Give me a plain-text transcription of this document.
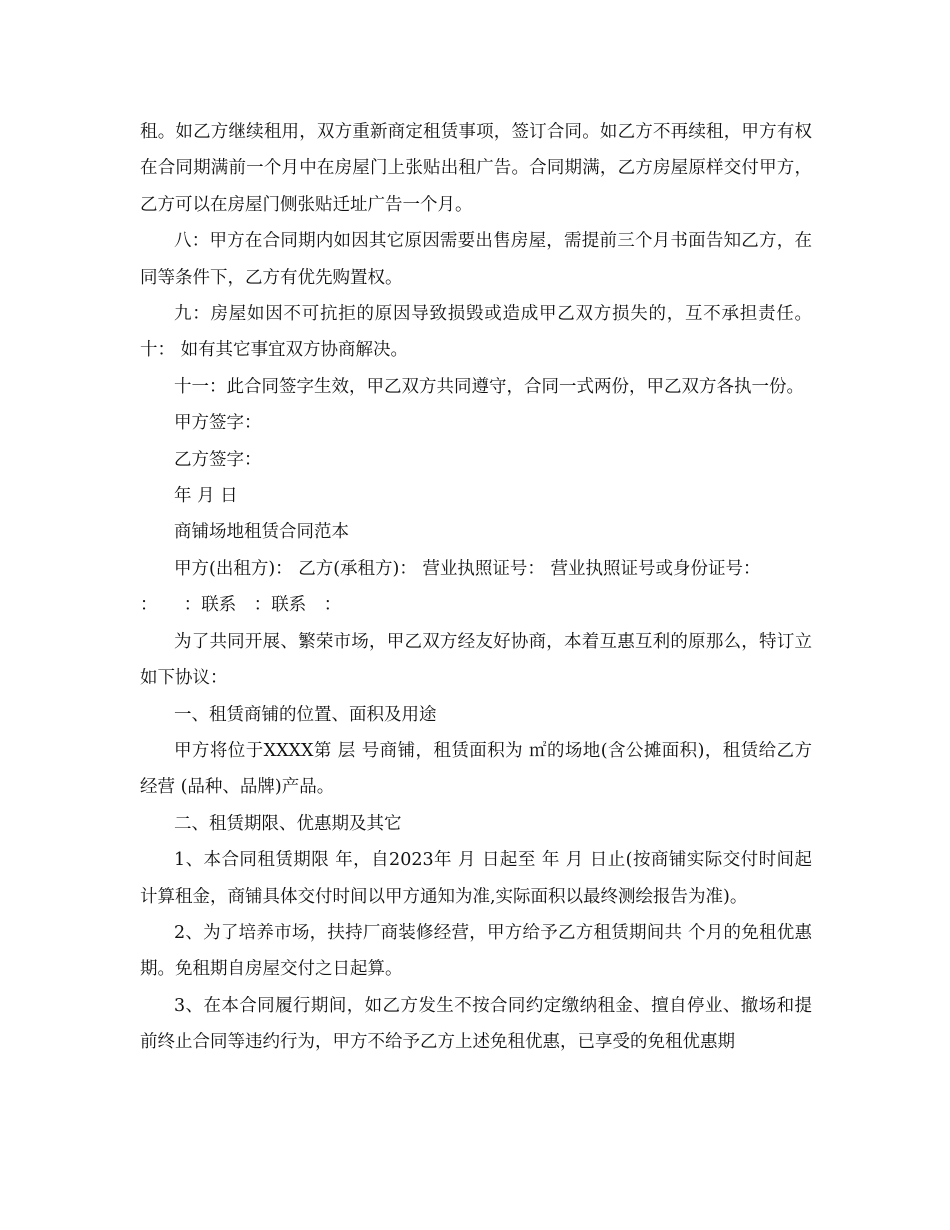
租。如乙方继续租用，双方重新商定租赁事项，签订合同。如乙方不再续租，甲方有权在合同期满前一个月中在房屋门上张贴出租广告。合同期满，乙方房屋原样交付甲方，乙方可以在房屋门侧张贴迁址广告一个月。

八：甲方在合同期内如因其它原因需要出售房屋，需提前三个月书面告知乙方，在同等条件下，乙方有优先购置权。

九：房屋如因不可抗拒的原因导致损毁或造成甲乙双方损失的，互不承担责任。 十： 如有其它事宜双方协商解决。

十一：此合同签字生效，甲乙双方共同遵守，合同一式两份，甲乙双方各执一份。

甲方签字：

乙方签字：

年 月 日

商铺场地租赁合同范本

甲方(出租方)： 乙方(承租方)： 营业执照证号： 营业执照证号或身份证号：

：　　：联系　：联系　：

为了共同开展、繁荣市场，甲乙双方经友好协商，本着互惠互利的原那么，特订立如下协议：

一、租赁商铺的位置、面积及用途

甲方将位于XXXX第 层 号商铺，租赁面积为 ㎡的场地(含公摊面积)，租赁给乙方经营 (品种、品牌)产品。

二、租赁期限、优惠期及其它

1、本合同租赁期限 年，自2023年 月 日起至 年 月 日止(按商铺实际交付时间起计算租金，商铺具体交付时间以甲方通知为准,实际面积以最终测绘报告为准)。

2、为了培养市场，扶持厂商装修经营，甲方给予乙方租赁期间共 个月的免租优惠期。免租期自房屋交付之日起算。

3、在本合同履行期间，如乙方发生不按合同约定缴纳租金、擅自停业、撤场和提前终止合同等违约行为，甲方不给予乙方上述免租优惠，已享受的免租优惠期
